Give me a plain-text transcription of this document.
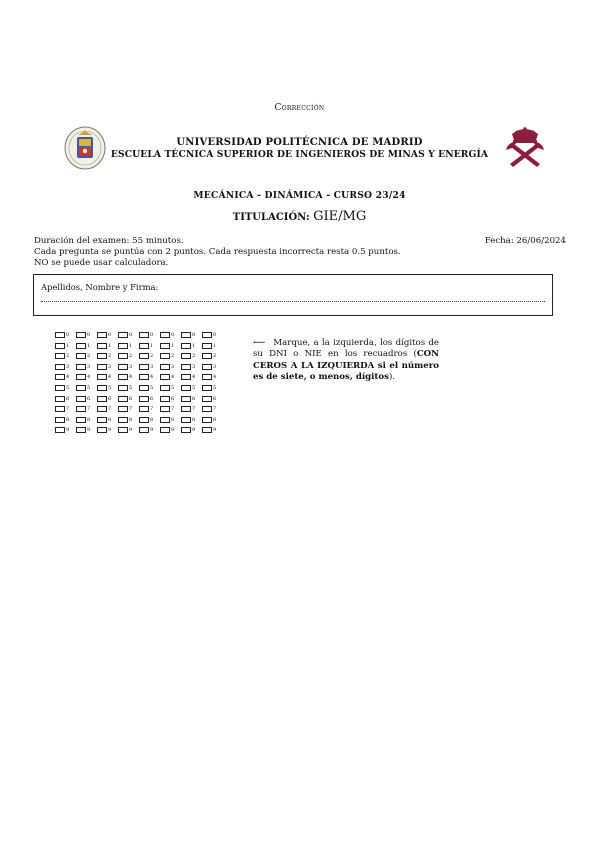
Corrección
UNIVERSIDAD POLITÉCNICA DE MADRID
ESCUELA TÉCNICA SUPERIOR DE INGENIEROS DE MINAS Y ENERGÍA
MECÁNICA - DINÁMICA - CURSO 23/24
TITULACIÓN: GIE/MG
Duración del examen: 55 minutos.
Cada pregunta se puntúa con 2 puntos. Cada respuesta incorrecta resta 0.5 puntos.
NO se puede usar calculadora.
Fecha: 26/06/2024
Apellidos, Nombre y Firma:
0
1
2
3
4
5
6
7
8
9
0
1
2
3
4
5
6
7
8
9
0
1
2
3
4
5
6
7
8
9
0
1
2
3
4
5
6
7
8
9
0
1
2
3
4
5
6
7
8
9
0
1
2
3
4
5
6
7
8
9
0
1
2
3
4
5
6
7
8
9
0
1
2
3
4
5
6
7
8
9
⟵ Marque, a la izquierda, los dígitos de su DNI o NIE en los recuadros (CON CEROS A LA IZQUIERDA si el número es de siete, o menos, dígitos).
